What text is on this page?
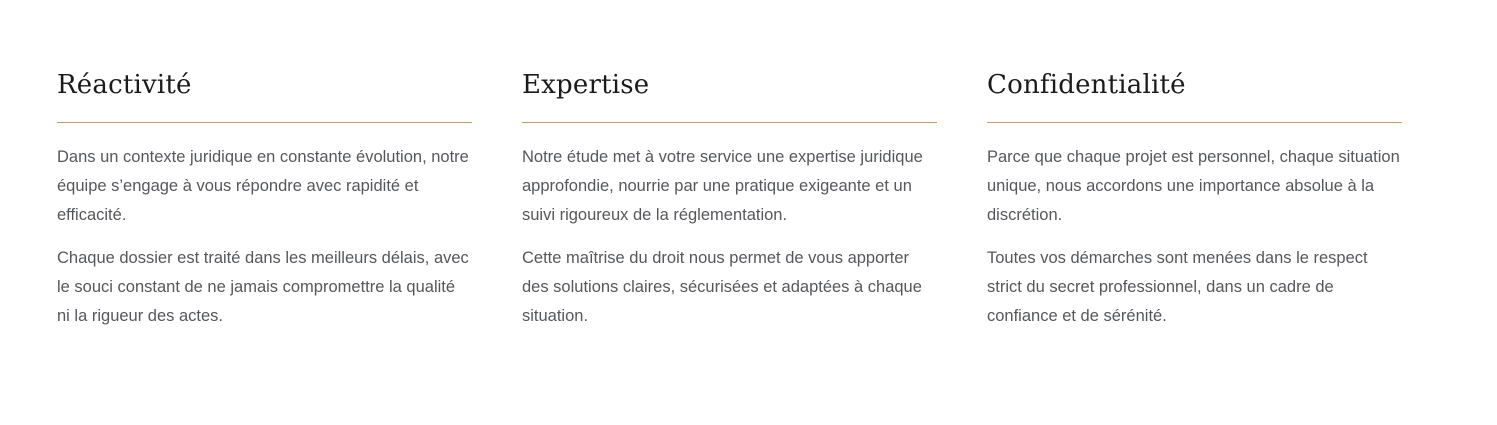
Réactivité

Dans un contexte juridique en constante évolution, notre équipe s’engage à vous répondre avec rapidité et efficacité.

Chaque dossier est traité dans les meilleurs délais, avec le souci constant de ne jamais compromettre la qualité ni la rigueur des actes.

Expertise

Notre étude met à votre service une expertise juridique approfondie, nourrie par une pratique exigeante et un suivi rigoureux de la réglementation.

Cette maîtrise du droit nous permet de vous apporter des solutions claires, sécurisées et adaptées à chaque situation.

Confidentialité

Parce que chaque projet est personnel, chaque situation unique, nous accordons une importance absolue à la discrétion.

Toutes vos démarches sont menées dans le respect strict du secret professionnel, dans un cadre de confiance et de sérénité.
